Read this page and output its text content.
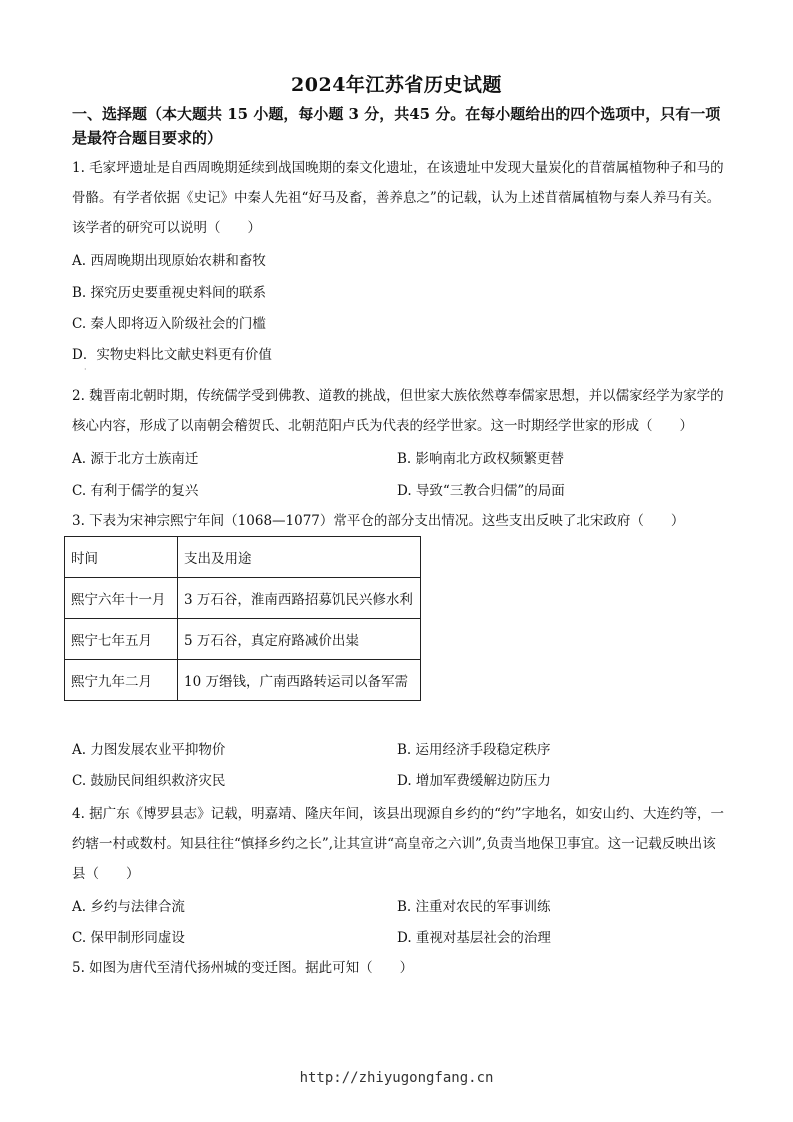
2024年江苏省历史试题
一、选择题（本大题共 15 小题，每小题 3 分，共45 分。在每小题给出的四个选项中，只有一项是最符合题目要求的）
1. 毛家坪遗址是自西周晚期延续到战国晚期的秦文化遗址，在该遗址中发现大量炭化的苜蓿属植物种子和马的骨骼。有学者依据《史记》中秦人先祖“好马及畜，善养息之”的记载，认为上述苜蓿属植物与秦人养马有关。该学者的研究可以说明（　　）
A. 西周晚期出现原始农耕和畜牧
B. 探究历史要重视史料间的联系
C. 秦人即将迈入阶级社会的门槛
D．实物史料比文献史料更有价值
·
2. 魏晋南北朝时期，传统儒学受到佛教、道教的挑战，但世家大族依然尊奉儒家思想，并以儒家经学为家学的核心内容，形成了以南朝会稽贺氏、北朝范阳卢氏为代表的经学世家。这一时期经学世家的形成（　　）
A. 源于北方士族南迁	B. 影响南北方政权频繁更替
C. 有利于儒学的复兴	D. 导致“三教合归儒”的局面
3. 下表为宋神宗熙宁年间（1068—1077）常平仓的部分支出情况。这些支出反映了北宋政府（　　）
时间	支出及用途
熙宁六年十一月	3 万石谷，淮南西路招募饥民兴修水利
熙宁七年五月	5 万石谷，真定府路减价出粜
熙宁九年二月	10 万缗钱，广南西路转运司以备军需
A. 力图发展农业平抑物价	B. 运用经济手段稳定秩序
C. 鼓励民间组织救济灾民	D. 增加军费缓解边防压力
4. 据广东《博罗县志》记载，明嘉靖、隆庆年间，该县出现源自乡约的“约”字地名，如安山约、大连约等，一约辖一村或数村。知县往往“慎择乡约之长”,让其宣讲“高皇帝之六训”,负责当地保卫事宜。这一记载反映出该县（　　）
A. 乡约与法律合流	B. 注重对农民的军事训练
C. 保甲制形同虚设	D. 重视对基层社会的治理
5. 如图为唐代至清代扬州城的变迁图。据此可知（　　）
http://zhiyugongfang.cn
